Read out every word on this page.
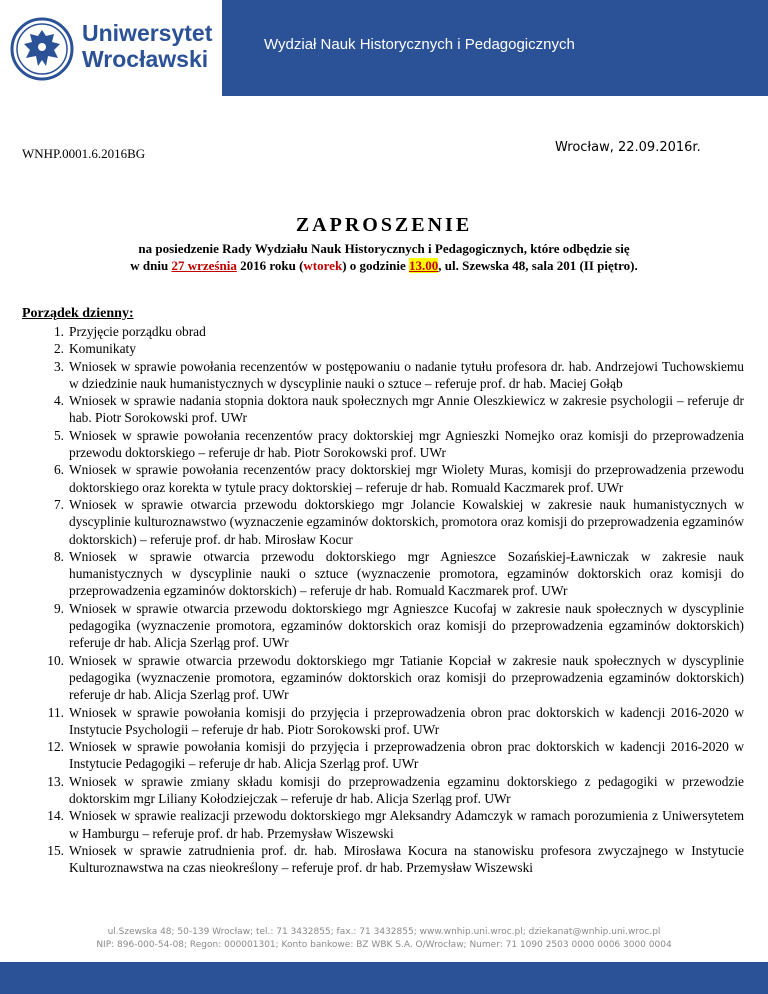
Uniwersytet
Wrocławski
Wydział Nauk Historycznych i Pedagogicznych
Wrocław, 22.09.2016r.
WNHP.0001.6.2016BG
ZAPROSZENIE
na posiedzenie Rady Wydziału Nauk Historycznych i Pedagogicznych, które odbędzie się
w dniu 27 września 2016 roku (wtorek) o godzinie 13.00, ul. Szewska 48, sala 201 (II piętro).
Porządek dzienny:
1. Przyjęcie porządku obrad
2. Komunikaty
3. Wniosek w sprawie powołania recenzentów w postępowaniu o nadanie tytułu profesora dr. hab. Andrzejowi Tuchowskiemu w dziedzinie nauk humanistycznych w dyscyplinie nauki o sztuce – referuje prof. dr hab. Maciej Gołąb
4. Wniosek w sprawie nadania stopnia doktora nauk społecznych mgr Annie Oleszkiewicz w zakresie psychologii – referuje dr hab. Piotr Sorokowski prof. UWr
5. Wniosek w sprawie powołania recenzentów pracy doktorskiej mgr Agnieszki Nomejko oraz komisji do przeprowadzenia przewodu doktorskiego – referuje dr hab. Piotr Sorokowski prof. UWr
6. Wniosek w sprawie powołania recenzentów pracy doktorskiej mgr Wiolety Muras, komisji do przeprowadzenia przewodu doktorskiego oraz korekta w tytule pracy doktorskiej – referuje dr hab. Romuald Kaczmarek prof. UWr
7. Wniosek w sprawie otwarcia przewodu doktorskiego mgr Jolancie Kowalskiej w zakresie nauk humanistycznych w dyscyplinie kulturoznawstwo (wyznaczenie egzaminów doktorskich, promotora oraz komisji do przeprowadzenia egzaminów doktorskich) – referuje prof. dr hab. Mirosław Kocur
8. Wniosek w sprawie otwarcia przewodu doktorskiego mgr Agnieszce Sozańskiej-Ławniczak w zakresie nauk humanistycznych w dyscyplinie nauki o sztuce (wyznaczenie promotora, egzaminów doktorskich oraz komisji do przeprowadzenia egzaminów doktorskich) – referuje dr hab. Romuald Kaczmarek prof. UWr
9. Wniosek w sprawie otwarcia przewodu doktorskiego mgr Agnieszce Kucofaj w zakresie nauk społecznych w dyscyplinie pedagogika (wyznaczenie promotora, egzaminów doktorskich oraz komisji do przeprowadzenia egzaminów doktorskich) referuje dr hab. Alicja Szerląg prof. UWr
10. Wniosek w sprawie otwarcia przewodu doktorskiego mgr Tatianie Kopciał w zakresie nauk społecznych w dyscyplinie pedagogika (wyznaczenie promotora, egzaminów doktorskich oraz komisji do przeprowadzenia egzaminów doktorskich) referuje dr hab. Alicja Szerląg prof. UWr
11. Wniosek w sprawie powołania komisji do przyjęcia i przeprowadzenia obron prac doktorskich w kadencji 2016-2020 w Instytucie Psychologii – referuje dr hab. Piotr Sorokowski prof. UWr
12. Wniosek w sprawie powołania komisji do przyjęcia i przeprowadzenia obron prac doktorskich w kadencji 2016-2020 w Instytucie Pedagogiki – referuje dr hab. Alicja Szerląg prof. UWr
13. Wniosek w sprawie zmiany składu komisji do przeprowadzenia egzaminu doktorskiego z pedagogiki w przewodzie doktorskim mgr Liliany Kołodziejczak – referuje dr hab. Alicja Szerląg prof. UWr
14. Wniosek w sprawie realizacji przewodu doktorskiego mgr Aleksandry Adamczyk w ramach porozumienia z Uniwersytetem w Hamburgu – referuje prof. dr hab. Przemysław Wiszewski
15. Wniosek w sprawie zatrudnienia prof. dr. hab. Mirosława Kocura na stanowisku profesora zwyczajnego w Instytucie Kulturoznawstwa na czas nieokreślony – referuje prof. dr hab. Przemysław Wiszewski
ul.Szewska 48; 50-139 Wrocław; tel.: 71 3432855; fax.: 71 3432855; www.wnhip.uni.wroc.pl; dziekanat@wnhip.uni.wroc.pl
NIP: 896-000-54-08; Regon: 000001301; Konto bankowe: BZ WBK S.A. O/Wrocław; Numer: 71 1090 2503 0000 0006 3000 0004
